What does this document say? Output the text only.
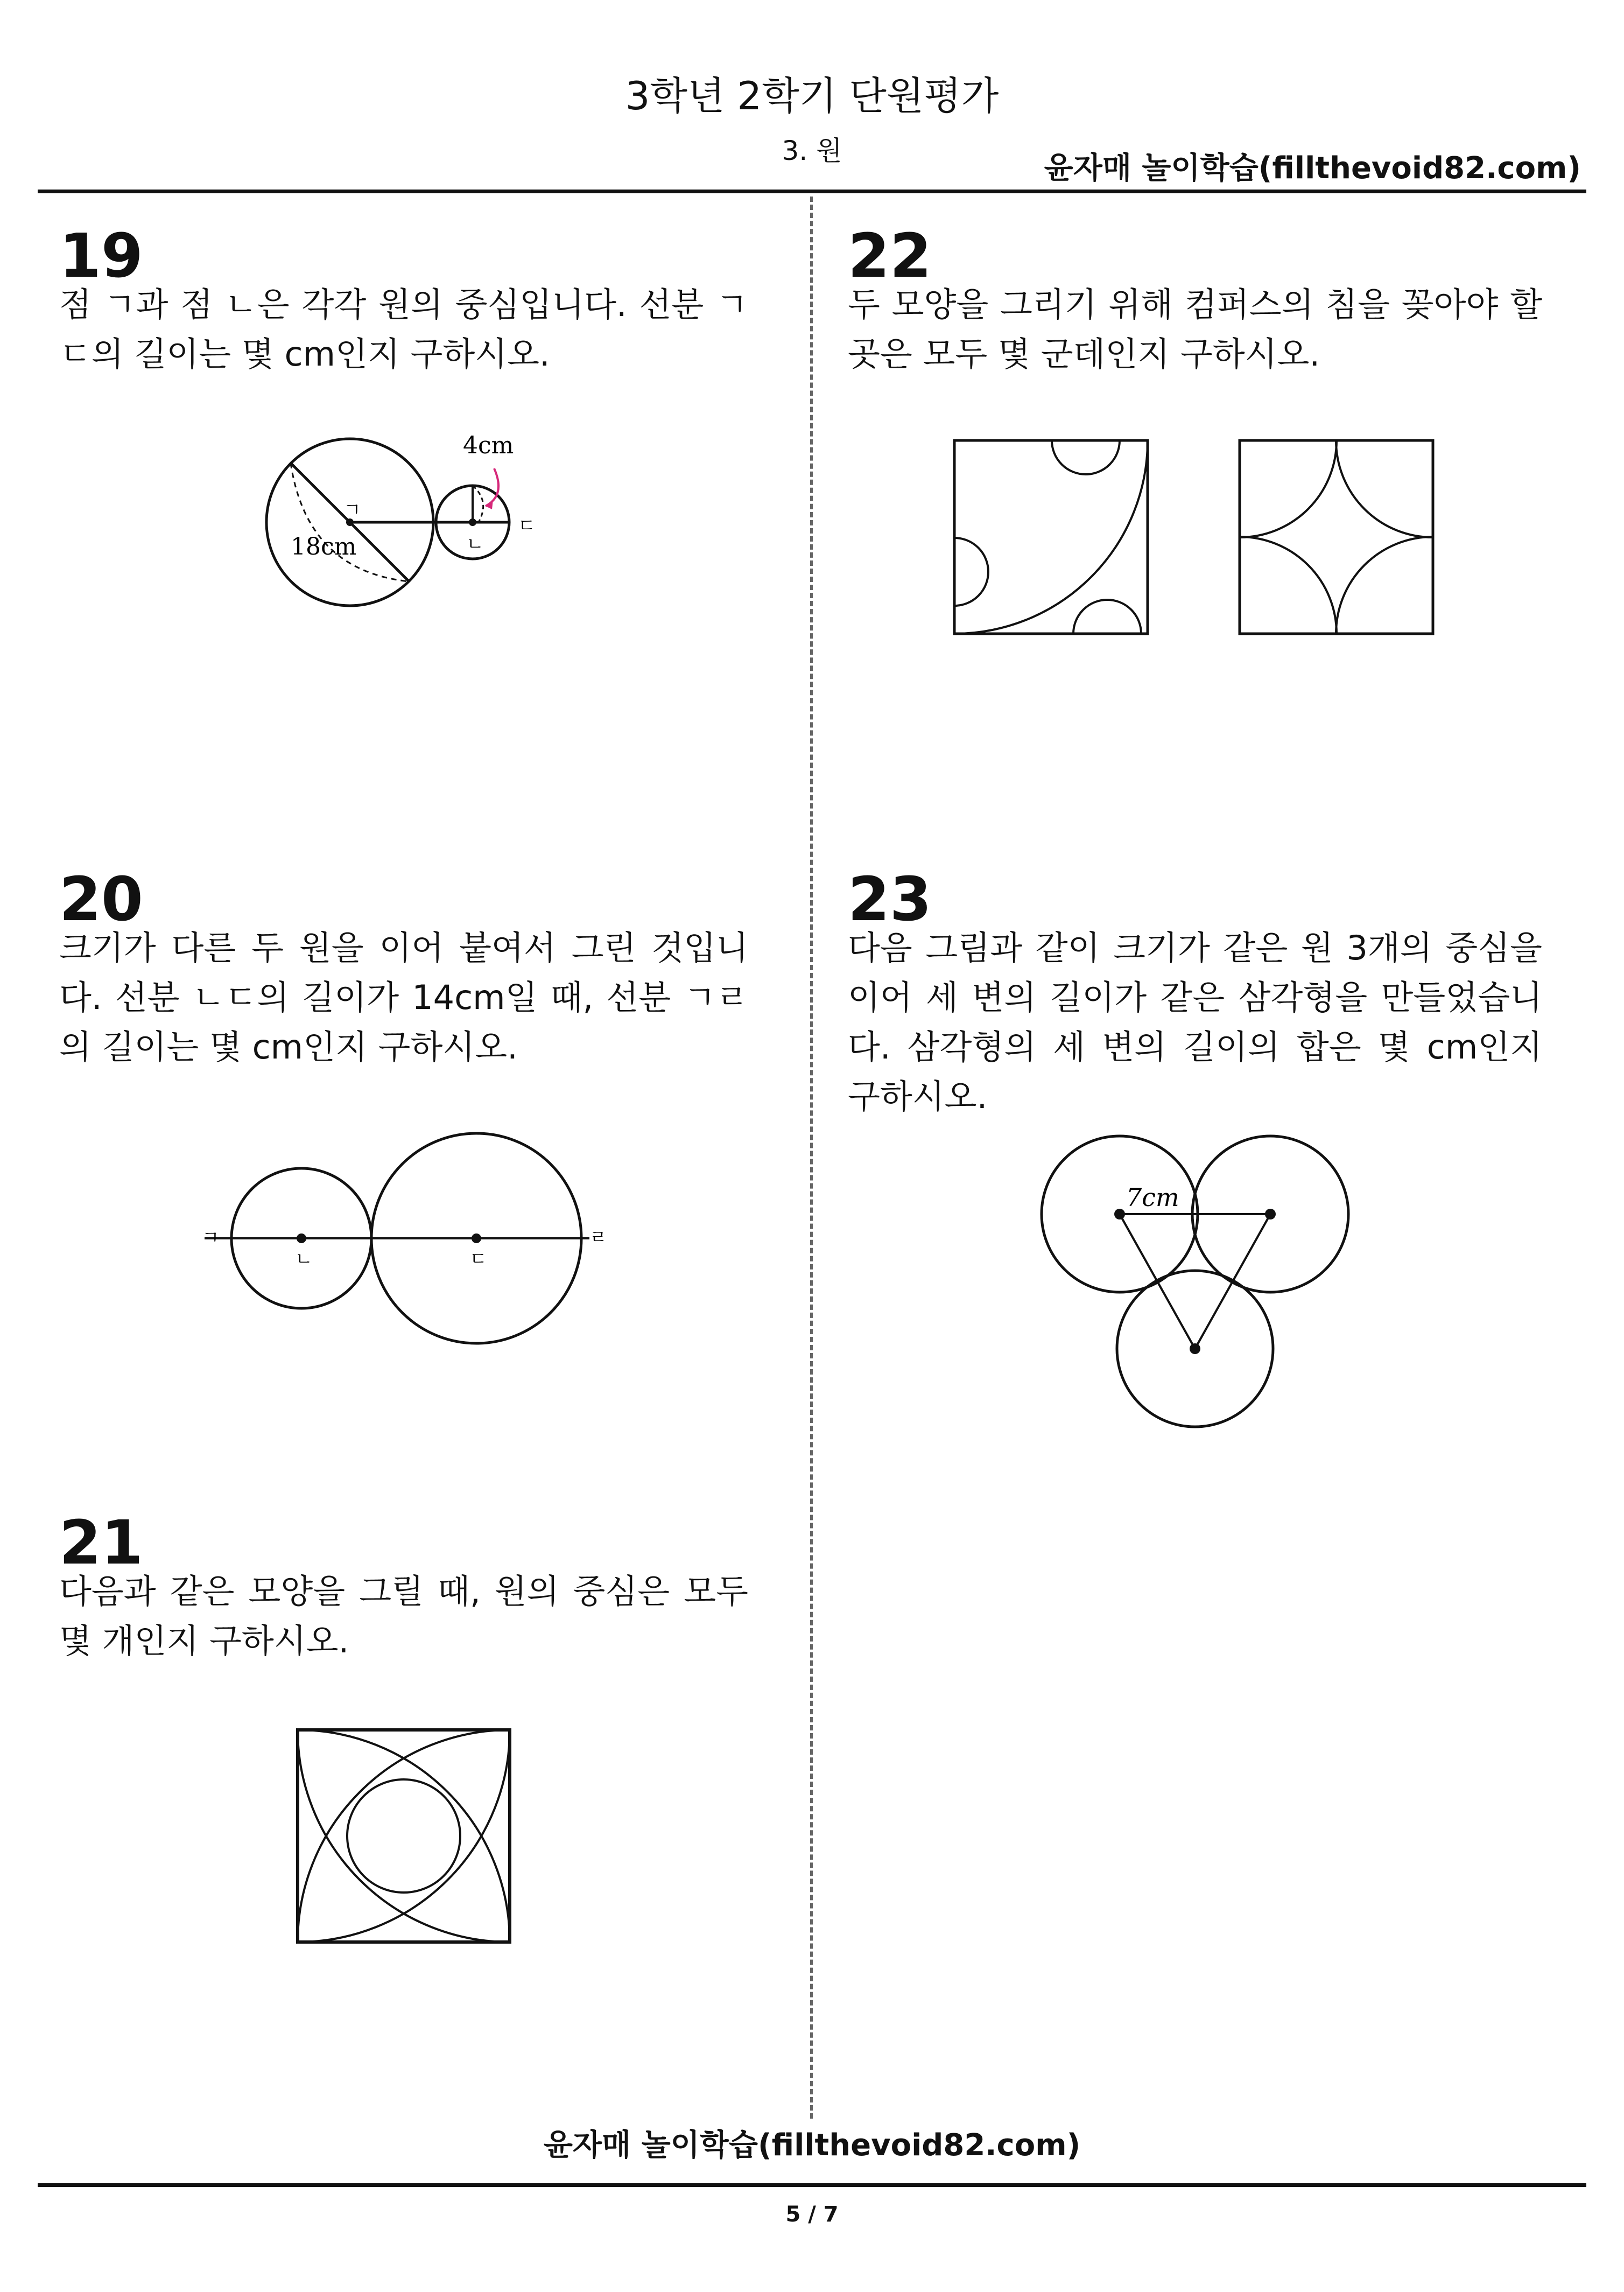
3학년 2학기 단원평가
3. 원	윤자매 놀이학습(fillthevoid82.com)
19
점 ㄱ과 점 ㄴ은 각각 원의 중심입니다. 선분 ㄱㄷ의 길이는 몇 cm인지 구하시오.
ㄱ
ㄴ
ㄷ
18cm
4cm
20
크기가 다른 두 원을 이어 붙여서 그린 것입니다. 선분 ㄴㄷ의 길이가 14cm일 때, 선분 ㄱㄹ의 길이는 몇 cm인지 구하시오.
ㄱ
ㄴ	ㄷ
ㄹ
21
다음과 같은 모양을 그릴 때, 원의 중심은 모두 몇 개인지 구하시오.
22
두 모양을 그리기 위해 컴퍼스의 침을 꽂아야 할 곳은 모두 몇 군데인지 구하시오.
23
다음 그림과 같이 크기가 같은 원 3개의 중심을 이어 세 변의 길이가 같은 삼각형을 만들었습니다. 삼각형의 세 변의 길이의 합은 몇 cm인지 구하시오.
7cm
윤자매 놀이학습(fillthevoid82.com)
5 / 7
